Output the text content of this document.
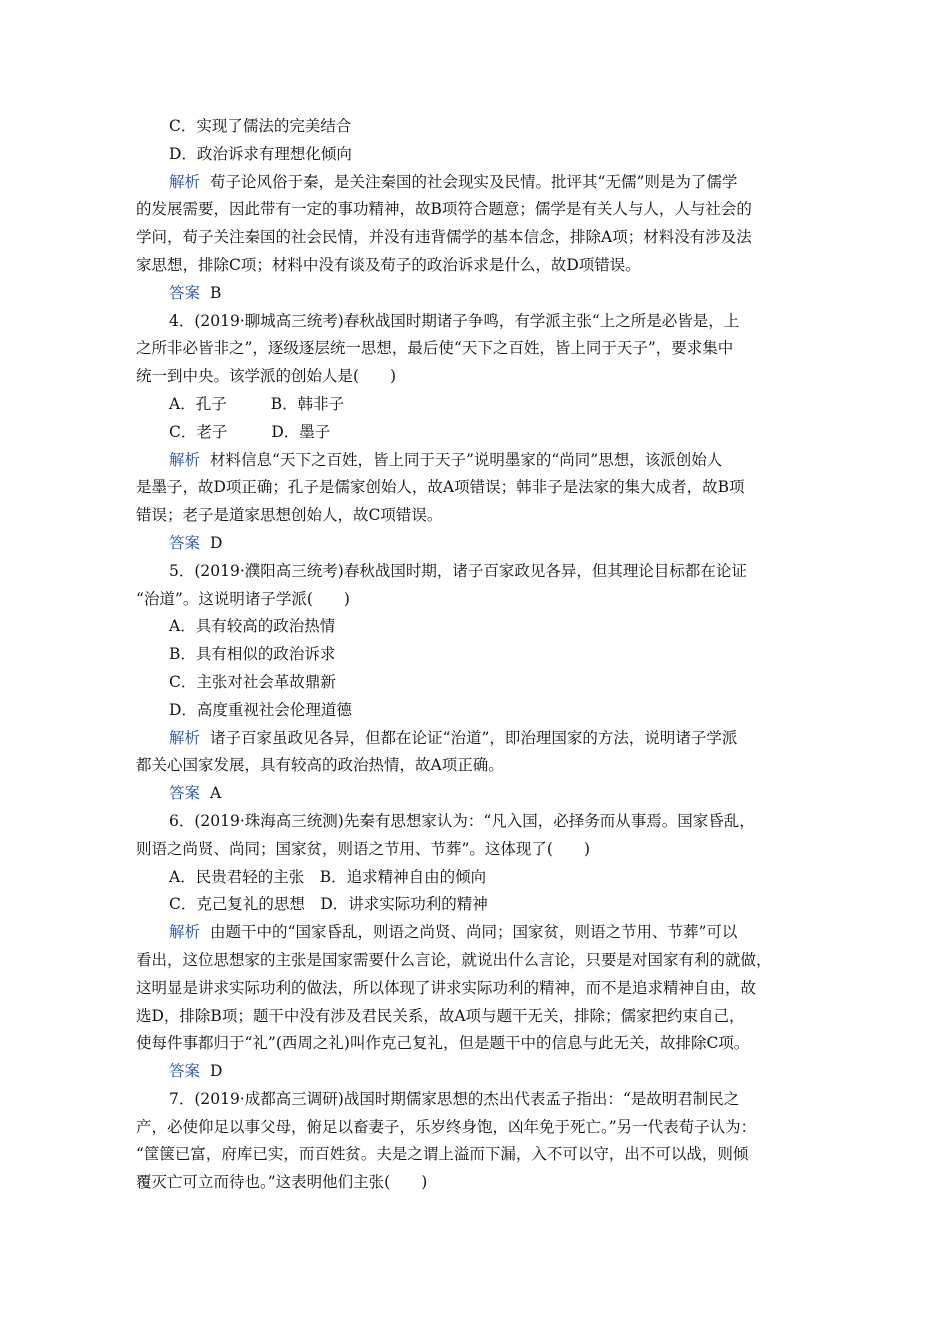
C．实现了儒法的完美结合
D．政治诉求有理想化倾向
解析 荀子论风俗于秦，是关注秦国的社会现实及民情。批评其“无儒”则是为了儒学
的发展需要，因此带有一定的事功精神，故B项符合题意；儒学是有关人与人，人与社会的
学问，荀子关注秦国的社会民情，并没有违背儒学的基本信念，排除A项；材料没有涉及法
家思想，排除C项；材料中没有谈及荀子的政治诉求是什么，故D项错误。
答案 B
4．(2019·聊城高三统考)春秋战国时期诸子争鸣，有学派主张“上之所是必皆是，上
之所非必皆非之”，逐级逐层统一思想，最后使“天下之百姓，皆上同于天子”，要求集中
统一到中央。该学派的创始人是(　　)
A．孔子	B．韩非子
C．老子	D．墨子
解析 材料信息“天下之百姓，皆上同于天子”说明墨家的“尚同”思想，该派创始人
是墨子，故D项正确；孔子是儒家创始人，故A项错误；韩非子是法家的集大成者，故B项
错误；老子是道家思想创始人，故C项错误。
答案 D
5．(2019·濮阳高三统考)春秋战国时期，诸子百家政见各异，但其理论目标都在论证
“治道”。这说明诸子学派(　　)
A．具有较高的政治热情
B．具有相似的政治诉求
C．主张对社会革故鼎新
D．高度重视社会伦理道德
解析 诸子百家虽政见各异，但都在论证“治道”，即治理国家的方法，说明诸子学派
都关心国家发展，具有较高的政治热情，故A项正确。
答案 A
6．(2019·珠海高三统测)先秦有思想家认为：“凡入国，必择务而从事焉。国家昏乱，
则语之尚贤、尚同；国家贫，则语之节用、节葬”。这体现了(　　)
A．民贵君轻的主张　B．追求精神自由的倾向
C．克己复礼的思想　D．讲求实际功利的精神
解析 由题干中的“国家昏乱，则语之尚贤、尚同；国家贫，则语之节用、节葬”可以
看出，这位思想家的主张是国家需要什么言论，就说出什么言论，只要是对国家有利的就做，
这明显是讲求实际功利的做法，所以体现了讲求实际功利的精神，而不是追求精神自由，故
选D，排除B项；题干中没有涉及君民关系，故A项与题干无关，排除；儒家把约束自己，
使每件事都归于“礼”(西周之礼)叫作克己复礼，但是题干中的信息与此无关，故排除C项。
答案 D
7．(2019·成都高三调研)战国时期儒家思想的杰出代表孟子指出：“是故明君制民之
产，必使仰足以事父母，俯足以畜妻子，乐岁终身饱，凶年免于死亡。”另一代表荀子认为：
“筐箧已富，府库已实，而百姓贫。夫是之谓上溢而下漏，入不可以守，出不可以战，则倾
覆灭亡可立而待也。”这表明他们主张(　　)
